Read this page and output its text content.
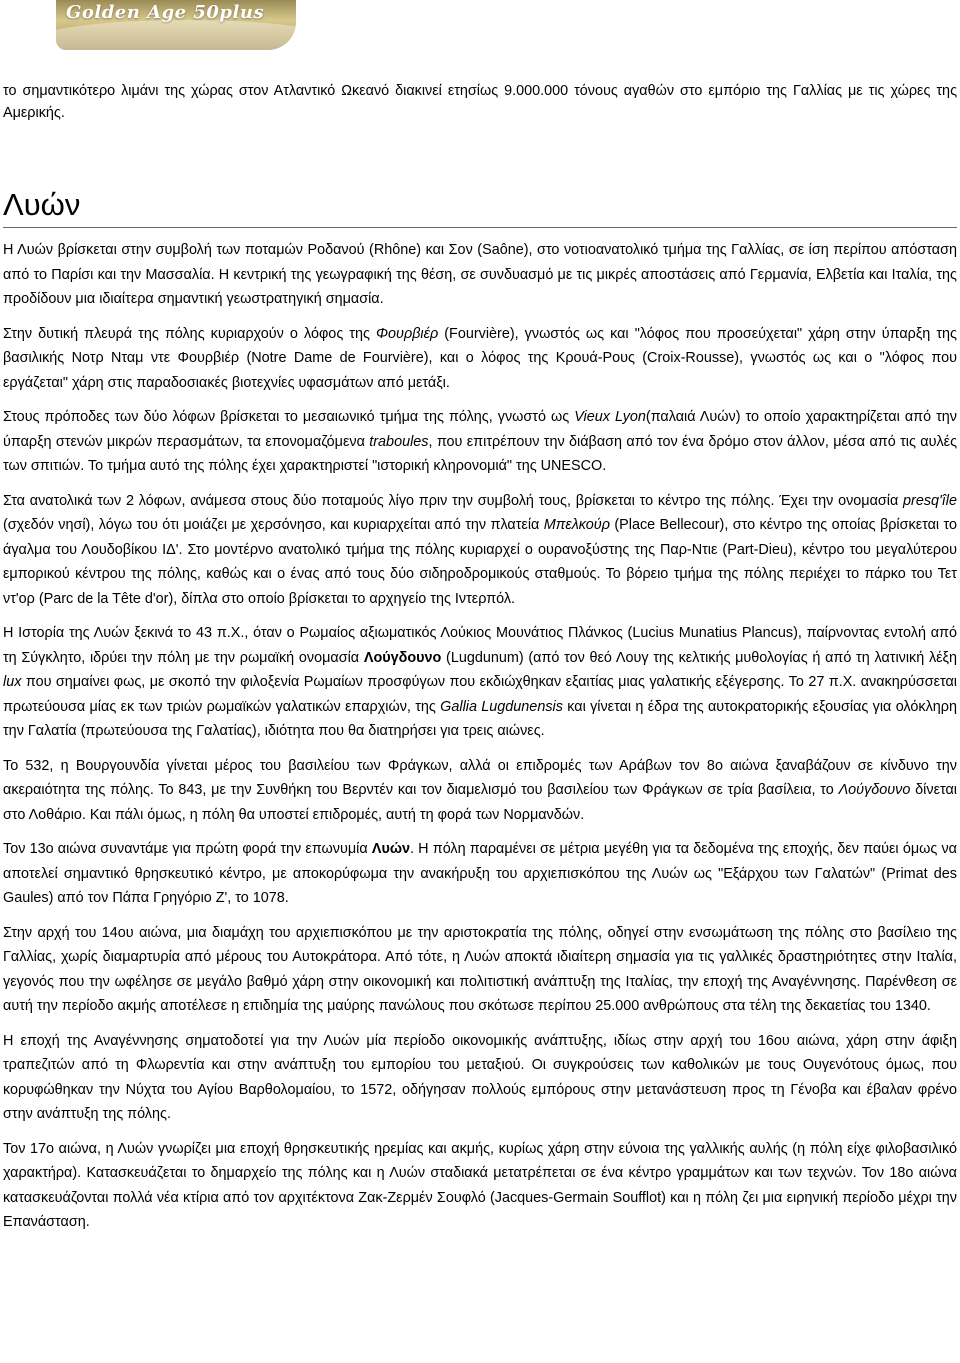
Golden Age 50plus

το σημαντικότερο λιμάνι της χώρας στον Ατλαντικό Ωκεανό διακινεί ετησίως 9.000.000 τόνους αγαθών στο εμπόριο της Γαλλίας με τις χώρες της Αμερικής.

Λυών

Η Λυών βρίσκεται στην συμβολή των ποταμών Ροδανού (Rhône) και Σον (Saône), στο νοτιοανατολικό τμήμα της Γαλλίας, σε ίση περίπου απόσταση από το Παρίσι και την Μασσαλία. Η κεντρική της γεωγραφική της θέση, σε συνδυασμό με τις μικρές αποστάσεις από Γερμανία, Ελβετία και Ιταλία, της προδίδουν μια ιδιαίτερα σημαντική γεωστρατηγική σημασία.

Στην δυτική πλευρά της πόλης κυριαρχούν ο λόφος της Φουρβιέρ (Fourvière), γνωστός ως και "λόφος που προσεύχεται" χάρη στην ύπαρξη της βασιλικής Νοτρ Νταμ ντε Φουρβιέρ (Notre Dame de Fourvière), και ο λόφος της Κρουά-Ρους (Croix-Rousse), γνωστός ως και ο "λόφος που εργάζεται" χάρη στις παραδοσιακές βιοτεχνίες υφασμάτων από μετάξι.

Στους πρόποδες των δύο λόφων βρίσκεται το μεσαιωνικό τμήμα της πόλης, γνωστό ως Vieux Lyon(παλαιά Λυών) το οποίο χαρακτηρίζεται από την ύπαρξη στενών μικρών περασμάτων, τα επονομαζόμενα traboules, που επιτρέπουν την διάβαση από τον ένα δρόμο στον άλλον, μέσα από τις αυλές των σπιτιών. Το τμήμα αυτό της πόλης έχει χαρακτηριστεί "ιστορική κληρονομιά" της UNESCO.

Στα ανατολικά των 2 λόφων, ανάμεσα στους δύο ποταμούς λίγο πριν την συμβολή τους, βρίσκεται το κέντρο της πόλης. Έχει την ονομασία presq'île (σχεδόν νησί), λόγω του ότι μοιάζει με χερσόνησο, και κυριαρχείται από την πλατεία Μπελκούρ (Place Bellecour), στο κέντρο της οποίας βρίσκεται το άγαλμα του Λουδοβίκου ΙΔ'. Στο μοντέρνο ανατολικό τμήμα της πόλης κυριαρχεί ο ουρανοξύστης της Παρ-Ντιε (Part-Dieu), κέντρο του μεγαλύτερου εμπορικού κέντρου της πόλης, καθώς και ο ένας από τους δύο σιδηροδρομικούς σταθμούς. Το βόρειο τμήμα της πόλης περιέχει το πάρκο του Τετ ντ'ορ (Parc de la Tête d'or), δίπλα στο οποίο βρίσκεται το αρχηγείο της Ιντερπόλ.

Η Ιστορία της Λυών ξεκινά το 43 π.Χ., όταν ο Ρωμαίος αξιωματικός Λούκιος Μουνάτιος Πλάνκος (Lucius Munatius Plancus), παίρνοντας εντολή από τη Σύγκλητο, ιδρύει την πόλη με την ρωμαϊκή ονομασία Λούγδουνο (Lugdunum) (από τον θεό Λουγ της κελτικής μυθολογίας ή από τη λατινική λέξη lux που σημαίνει φως, με σκοπό την φιλοξενία Ρωμαίων προσφύγων που εκδιώχθηκαν εξαιτίας μιας γαλατικής εξέγερσης. Το 27 π.Χ. ανακηρύσσεται πρωτεύουσα μίας εκ των τριών ρωμαϊκών γαλατικών επαρχιών, της Gallia Lugdunensis και γίνεται η έδρα της αυτοκρατορικής εξουσίας για ολόκληρη την Γαλατία (πρωτεύουσα της Γαλατίας), ιδιότητα που θα διατηρήσει για τρεις αιώνες.

Το 532, η Βουργουνδία γίνεται μέρος του βασιλείου των Φράγκων, αλλά οι επιδρομές των Αράβων τον 8ο αιώνα ξαναβάζουν σε κίνδυνο την ακεραιότητα της πόλης. Το 843, με την Συνθήκη του Βερντέν και τον διαμελισμό του βασιλείου των Φράγκων σε τρία βασίλεια, το Λούγδουνο δίνεται στο Λοθάριο. Και πάλι όμως, η πόλη θα υποστεί επιδρομές, αυτή τη φορά των Νορμανδών.

Τον 13ο αιώνα συναντάμε για πρώτη φορά την επωνυμία Λυών. Η πόλη παραμένει σε μέτρια μεγέθη για τα δεδομένα της εποχής, δεν παύει όμως να αποτελεί σημαντικό θρησκευτικό κέντρο, με αποκορύφωμα την ανακήρυξη του αρχιεπισκόπου της Λυών ως "Εξάρχου των Γαλατών" (Primat des Gaules) από τον Πάπα Γρηγόριο Ζ', το 1078.

Στην αρχή του 14ου αιώνα, μια διαμάχη του αρχιεπισκόπου με την αριστοκρατία της πόλης, οδηγεί στην ενσωμάτωση της πόλης στο βασίλειο της Γαλλίας, χωρίς διαμαρτυρία από μέρους του Αυτοκράτορα. Από τότε, η Λυών αποκτά ιδιαίτερη σημασία για τις γαλλικές δραστηριότητες στην Ιταλία, γεγονός που την ωφέλησε σε μεγάλο βαθμό χάρη στην οικονομική και πολιτιστική ανάπτυξη της Ιταλίας, την εποχή της Αναγέννησης. Παρένθεση σε αυτή την περίοδο ακμής αποτέλεσε η επιδημία της μαύρης πανώλους που σκότωσε περίπου 25.000 ανθρώπους στα τέλη της δεκαετίας του 1340.

Η εποχή της Αναγέννησης σηματοδοτεί για την Λυών μία περίοδο οικονομικής ανάπτυξης, ιδίως στην αρχή του 16ου αιώνα, χάρη στην άφιξη τραπεζιτών από τη Φλωρεντία και στην ανάπτυξη του εμπορίου του μεταξιού. Οι συγκρούσεις των καθολικών με τους Ουγενότους όμως, που κορυφώθηκαν την Νύχτα του Αγίου Βαρθολομαίου, το 1572, οδήγησαν πολλούς εμπόρους στην μετανάστευση προς τη Γένοβα και έβαλαν φρένο στην ανάπτυξη της πόλης.

Τον 17ο αιώνα, η Λυών γνωρίζει μια εποχή θρησκευτικής ηρεμίας και ακμής, κυρίως χάρη στην εύνοια της γαλλικής αυλής (η πόλη είχε φιλοβασιλικό χαρακτήρα). Κατασκευάζεται το δημαρχείο της πόλης και η Λυών σταδιακά μετατρέπεται σε ένα κέντρο γραμμάτων και των τεχνών. Τον 18ο αιώνα κατασκευάζονται πολλά νέα κτίρια από τον αρχιτέκτονα Ζακ-Ζερμέν Σουφλό (Jacques-Germain Soufflot) και η πόλη ζει μια ειρηνική περίοδο μέχρι την Επανάσταση.
